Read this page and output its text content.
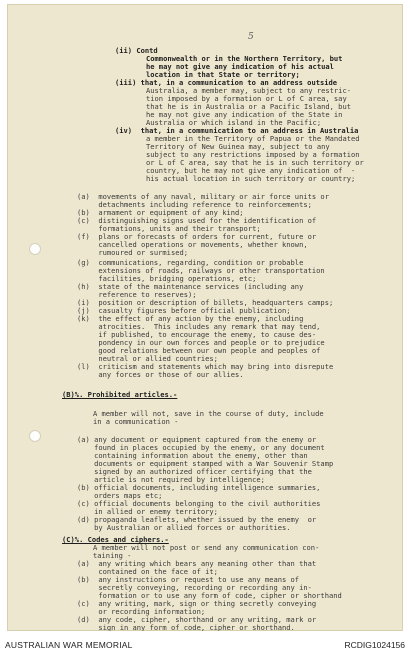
5
(ii) Contd
Commonwealth or in the Northern Territory, but
he may not give any indication of his actual
location in that State or territory;
(iii) that, in a communication to an address outside
Australia, a member may, subject to any restric-
tion imposed by a formation or L of C area, say
that he is in Australia or a Pacific Island, but
he may not give any indication of the State in
Australia or which island in the Pacific;
(iv)  that, in a communication to an address in Australia
a member in the Territory of Papua or the Mandated
Territory of New Guinea may, subject to any
subject to any restrictions imposed by a formation
or L of C area, say that he is in such territory or
country, but he may not give any indication of  -
his actual location in such territory or country;
(a)  movements of any naval, military or air force units or
detachments including reference to reinforcements;
(b)  armament or equipment of any kind;
(c)  distinguishing signs used for the identification of
formations, units and their transport;
(f)  plans or forecasts of orders for current, future or
cancelled operations or movements, whether known,
rumoured or surmised;
(g)  communications, regarding, condition or probable
extensions of roads, railways or other transportation
facilities, bridging operations, etc;
(h)  state of the maintenance services (including any
reference to reserves);
(i)  position or description of billets, headquarters camps;
(j)  casualty figures before official publication;
(k)  the effect of any action by the enemy, including
atrocities.  This includes any remark that may tend,
if published, to encourage the enemy, to cause des-
pondency in our own forces and people or to prejudice
good relations between our own people and peoples of
neutral or allied countries;
(l)  criticism and statements which may bring into disrepute
any forces or those of our allies.
(B)%. Prohibited articles.-
A member will not, save in the course of duty, include
in a communication -
(a) any document or equipment captured from the enemy or
found in places occupied by the enemy, or any document
containing information about the enemy, other than
documents or equipment stamped with a War Souvenir Stamp
signed by an authorized officer certifying that the
article is not required by intelligence;
(b) official documents, including intelligence summaries,
orders maps etc;
(c) official documents belonging to the civil authorities
in allied or enemy territory;
(d) propaganda leaflets, whether issued by the enemy  or
by Australian or allied forces or authorities.
(C)%. Codes and ciphers.-
A member will not post or send any communication con-
taining -
(a)  any writing which bears any meaning other than that
contained on the face of it;
(b)  any instructions or request to use any means of
secretly conveying, recording or recording any in-
formation or to use any form of code, cipher or shorthand
(c)  any writing, mark, sign or thing secretly conveying
or recording information;
(d)  any code, cipher, shorthand or any writing, mark or
sign in any form of code, cipher or shorthand.
AUSTRALIAN WAR MEMORIAL	RCDIG1024156
